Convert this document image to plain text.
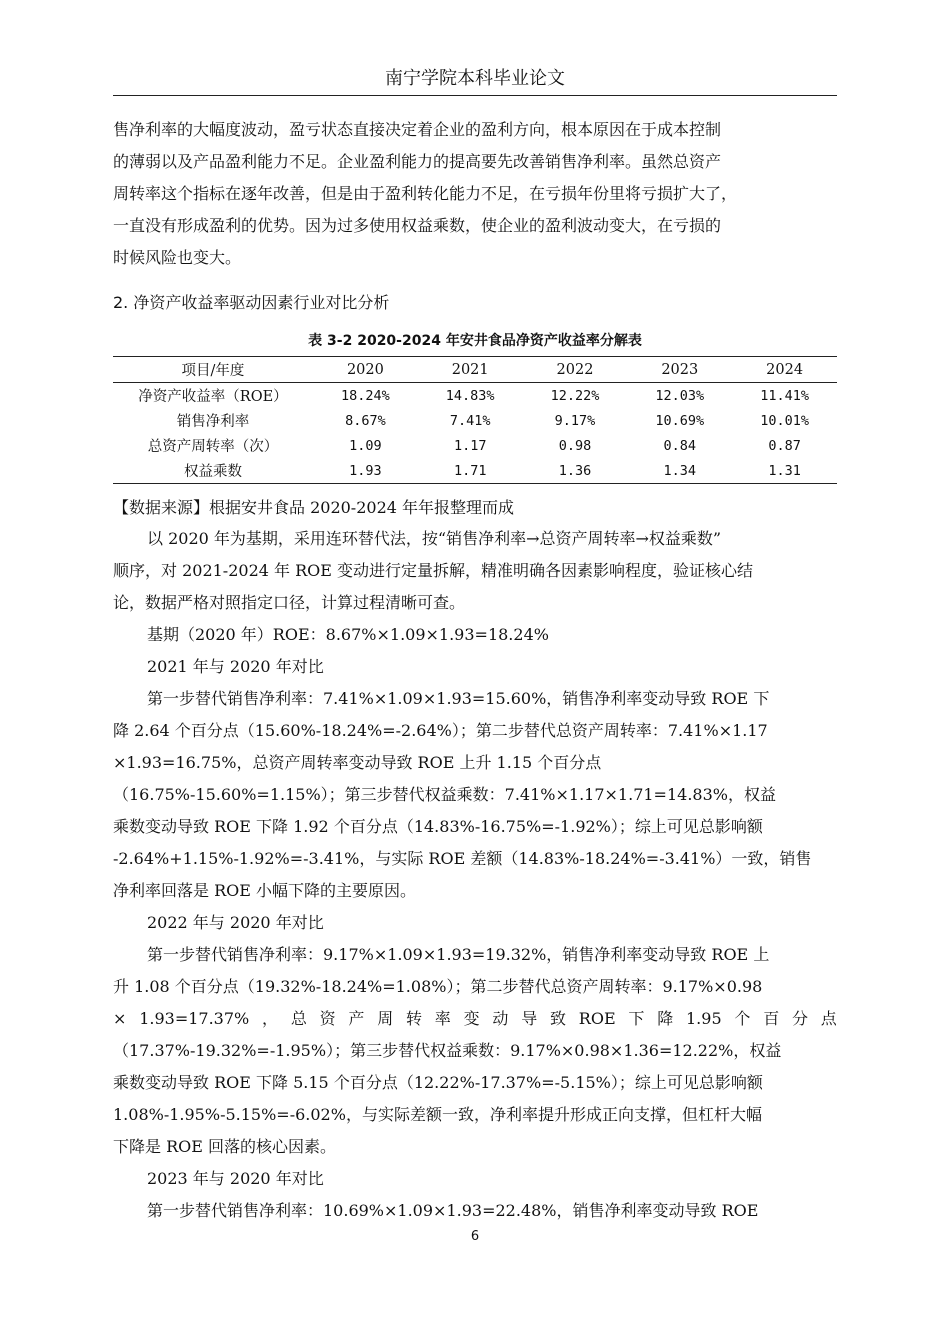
南宁学院本科毕业论文
售净利率的大幅度波动，盈亏状态直接决定着企业的盈利方向，根本原因在于成本控制
的薄弱以及产品盈利能力不足。企业盈利能力的提高要先改善销售净利率。虽然总资产
周转率这个指标在逐年改善，但是由于盈利转化能力不足，在亏损年份里将亏损扩大了，
一直没有形成盈利的优势。因为过多使用权益乘数，使企业的盈利波动变大，在亏损的
时候风险也变大。
2. 净资产收益率驱动因素行业对比分析
表 3-2 2020-2024 年安井食品净资产收益率分解表
项目/年度	2020	2021	2022	2023	2024
净资产收益率（ROE）	18.24%	14.83%	12.22%	12.03%	11.41%
销售净利率	8.67%	7.41%	9.17%	10.69%	10.01%
总资产周转率（次）	1.09	1.17	0.98	0.84	0.87
权益乘数	1.93	1.71	1.36	1.34	1.31
【数据来源】根据安井食品 2020-2024 年年报整理而成
以 2020 年为基期，采用连环替代法，按“销售净利率→总资产周转率→权益乘数”
顺序，对 2021-2024 年 ROE 变动进行定量拆解，精准明确各因素影响程度，验证核心结
论，数据严格对照指定口径，计算过程清晰可查。
基期（2020 年）ROE：8.67%×1.09×1.93=18.24%
2021 年与 2020 年对比
第一步替代销售净利率：7.41%×1.09×1.93=15.60%，销售净利率变动导致 ROE 下
降 2.64 个百分点（15.60%-18.24%=-2.64%）；第二步替代总资产周转率：7.41%×1.17
×1.93=16.75%，总资产周转率变动导致 ROE 上升 1.15 个百分点
（16.75%-15.60%=1.15%）；第三步替代权益乘数：7.41%×1.17×1.71=14.83%，权益
乘数变动导致 ROE 下降 1.92 个百分点（14.83%-16.75%=-1.92%）；综上可见总影响额
-2.64%+1.15%-1.92%=-3.41%，与实际 ROE 差额（14.83%-18.24%=-3.41%）一致，销售
净利率回落是 ROE 小幅下降的主要原因。
2022 年与 2020 年对比
第一步替代销售净利率：9.17%×1.09×1.93=19.32%，销售净利率变动导致 ROE 上
升 1.08 个百分点（19.32%-18.24%=1.08%）；第二步替代总资产周转率：9.17%×0.98
× 1.93=17.37% ， 总 资 产 周 转 率 变 动 导 致 ROE 下 降 1.95 个 百 分 点
（17.37%-19.32%=-1.95%）；第三步替代权益乘数：9.17%×0.98×1.36=12.22%，权益
乘数变动导致 ROE 下降 5.15 个百分点（12.22%-17.37%=-5.15%）；综上可见总影响额
1.08%-1.95%-5.15%=-6.02%，与实际差额一致，净利率提升形成正向支撑，但杠杆大幅
下降是 ROE 回落的核心因素。
2023 年与 2020 年对比
第一步替代销售净利率：10.69%×1.09×1.93=22.48%，销售净利率变动导致 ROE
6
